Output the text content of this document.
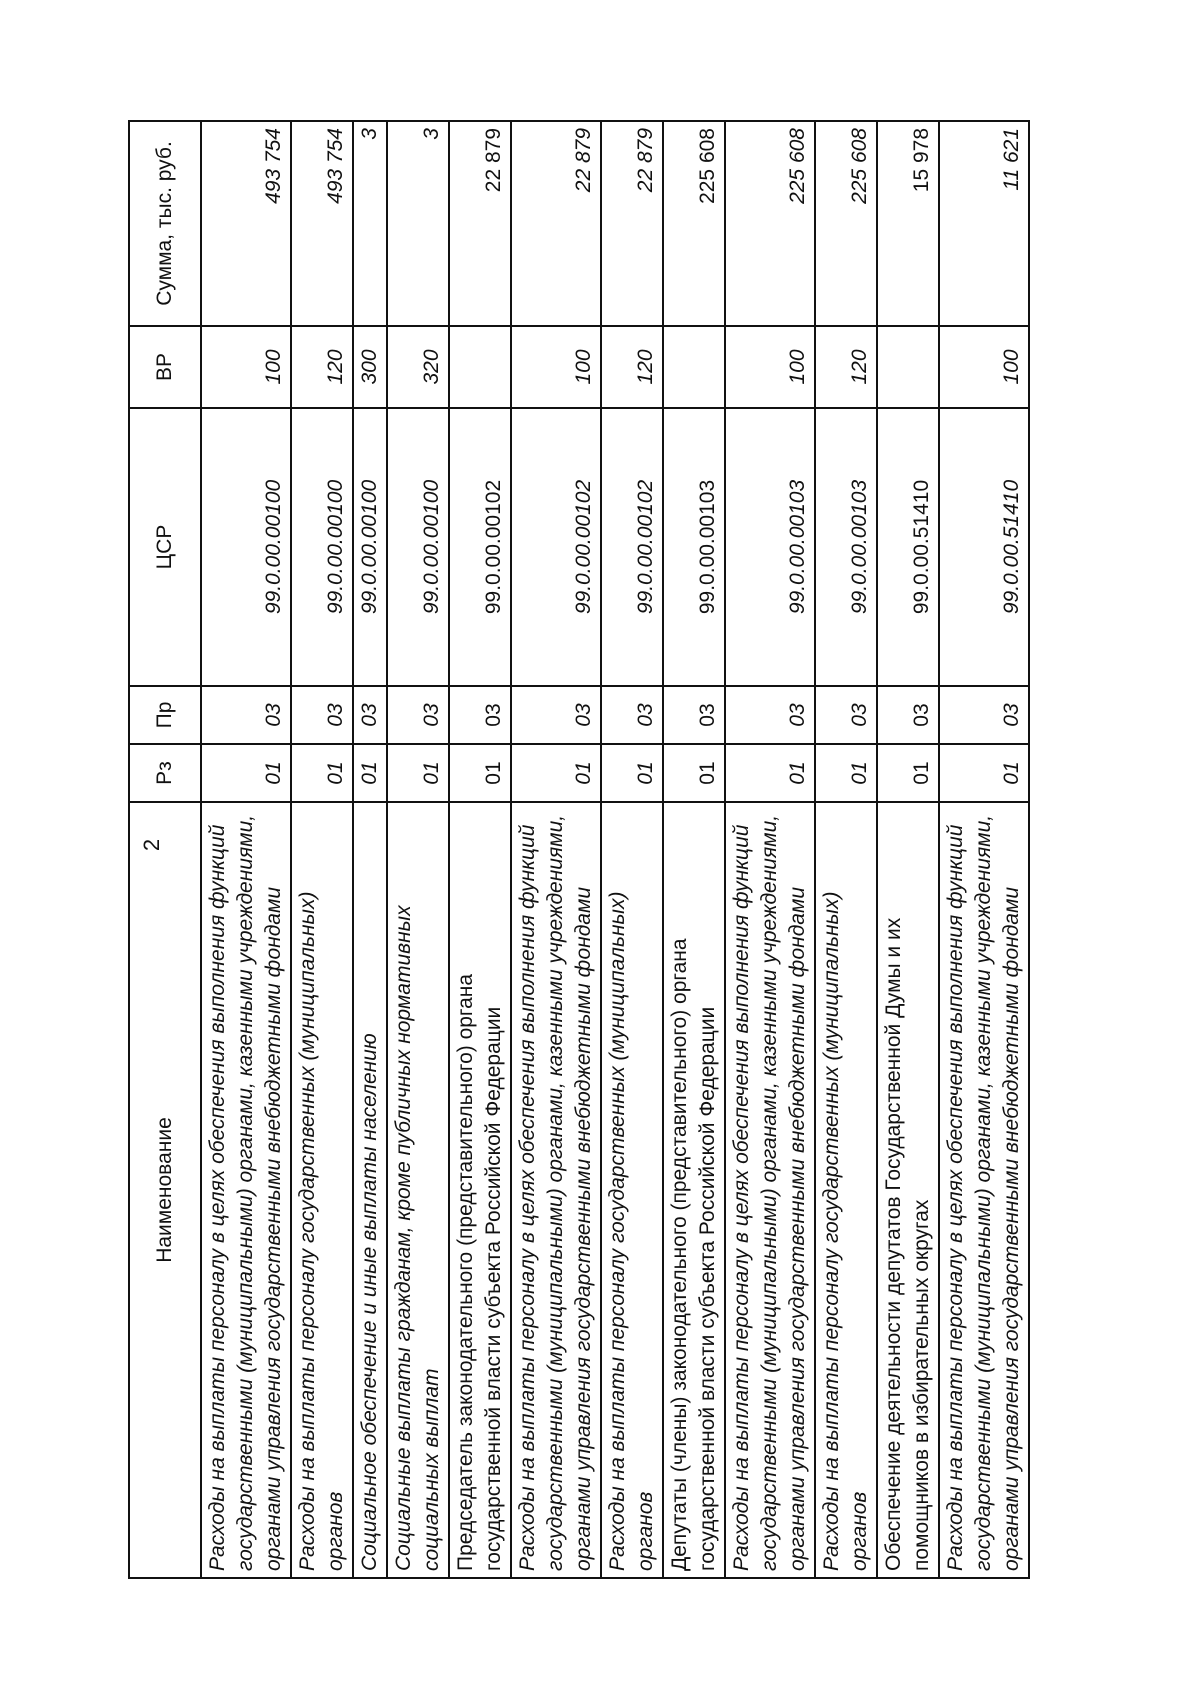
2
Наименование	Рз	Пр	ЦСР	ВР	Сумма, тыс. руб.
Расходы на выплаты персоналу в целях обеспечения выполнения функций государственными (муниципальными) органами, казенными учреждениями, органами управления государственными внебюджетными фондами	01	03	99.0.00.00100	100	493 754
Расходы на выплаты персоналу государственных (муниципальных) органов	01	03	99.0.00.00100	120	493 754
Социальное обеспечение и иные выплаты населению	01	03	99.0.00.00100	300	3
Социальные выплаты гражданам, кроме публичных нормативных социальных выплат	01	03	99.0.00.00100	320	3
Председатель законодательного (представительного) органа государственной власти субъекта Российской Федерации	01	03	99.0.00.00102		22 879
Расходы на выплаты персоналу в целях обеспечения выполнения функций государственными (муниципальными) органами, казенными учреждениями, органами управления государственными внебюджетными фондами	01	03	99.0.00.00102	100	22 879
Расходы на выплаты персоналу государственных (муниципальных) органов	01	03	99.0.00.00102	120	22 879
Депутаты (члены) законодательного (представительного) органа государственной власти субъекта Российской Федерации	01	03	99.0.00.00103		225 608
Расходы на выплаты персоналу в целях обеспечения выполнения функций государственными (муниципальными) органами, казенными учреждениями, органами управления государственными внебюджетными фондами	01	03	99.0.00.00103	100	225 608
Расходы на выплаты персоналу государственных (муниципальных) органов	01	03	99.0.00.00103	120	225 608
Обеспечение деятельности депутатов Государственной Думы и их помощников в избирательных округах	01	03	99.0.00.51410		15 978
Расходы на выплаты персоналу в целях обеспечения выполнения функций государственными (муниципальными) органами, казенными учреждениями, органами управления государственными внебюджетными фондами	01	03	99.0.00.51410	100	11 621
